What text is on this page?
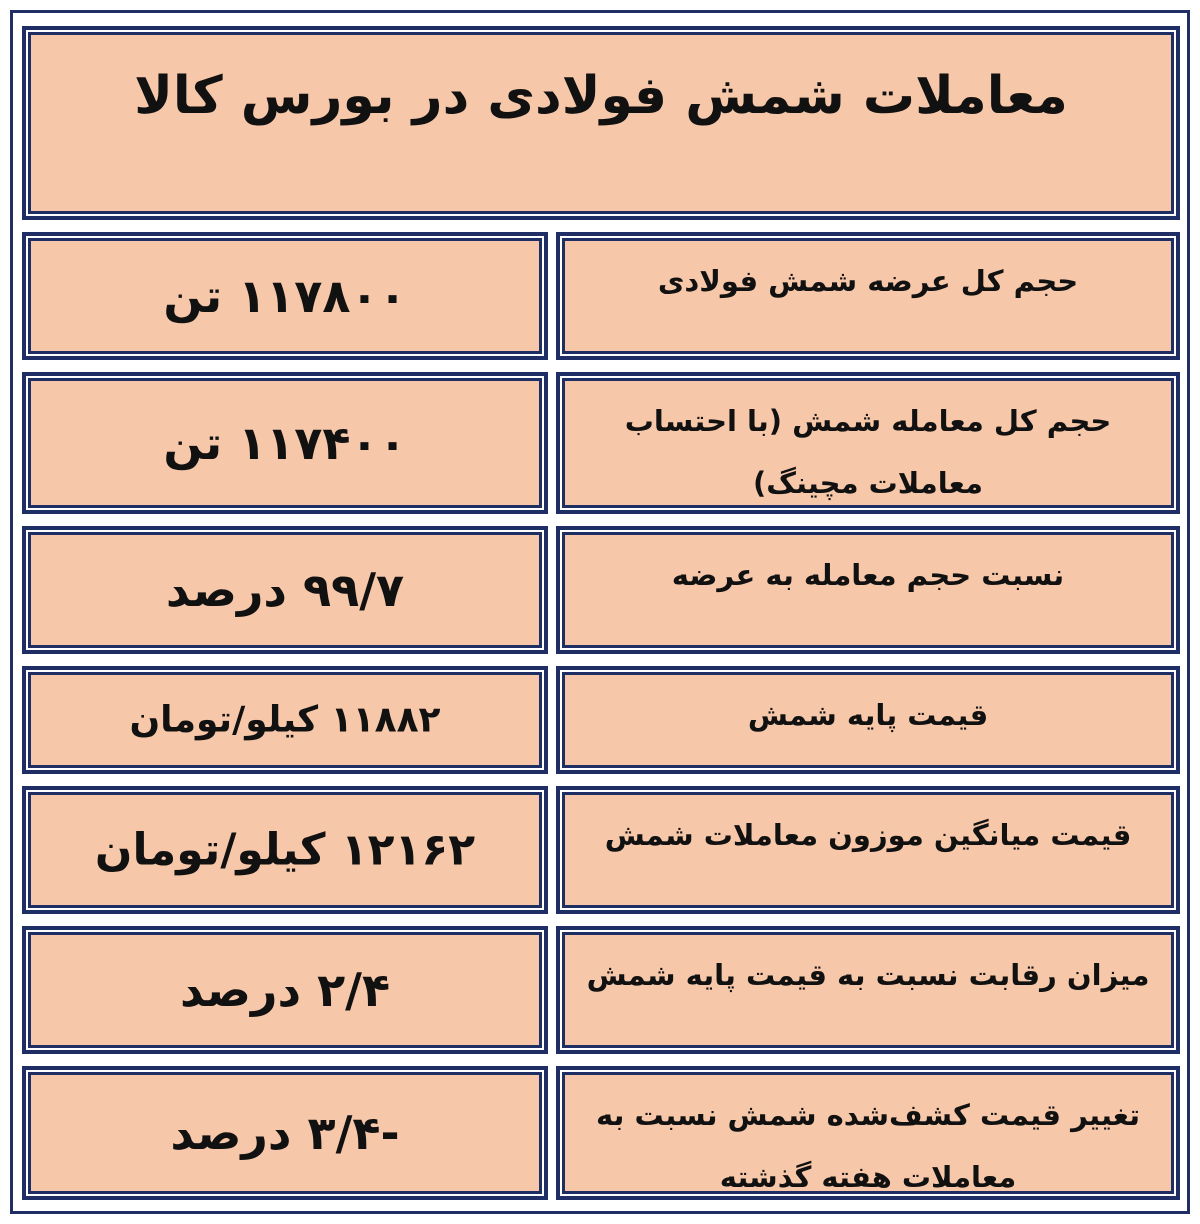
معاملات شمش فولادی در بورس کالا
حجم کل عرضه شمش فولادی
۱۱۷۸۰۰ تن
حجم کل معامله شمش (با احتساب معاملات مچینگ)
۱۱۷۴۰۰ تن
نسبت حجم معامله به عرضه
۹۹/۷ درصد
قیمت پایه شمش
۱۱۸۸۲ کیلو/تومان
قیمت میانگین موزون معاملات شمش
۱۲۱۶۲ کیلو/تومان
میزان رقابت نسبت به قیمت پایه شمش
۲/۴ درصد
تغییر قیمت کشف‌شده شمش نسبت به معاملات هفته گذشته
-۳/۴ درصد
